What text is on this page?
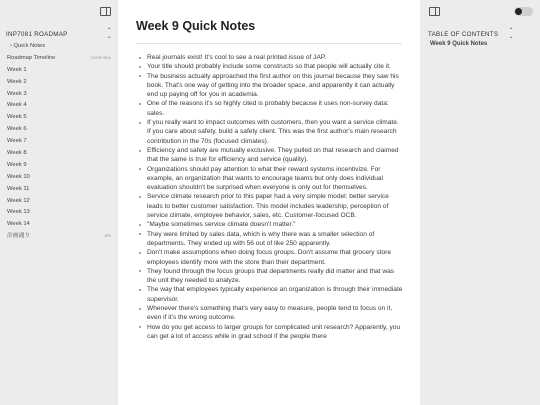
INP7081 ROADMAP	⌃
⌄
› Quick Notes
Roadmap Timeline	OVERVIEW
Week 1
Week 2
Week 3
Week 4
Week 5
Week 6
Week 7
Week 8
Week 9
Week 10
Week 11
Week 12
Week 13
Week 14
計画通り	JPN
Week 9 Quick Notes
Real journals exist! It's cool to see a real printed issue of JAP.
Your title should probably include some constructs so that people will actually cite it.
The business actually approached the first author on this journal because they saw his book. That's one way of getting into the broader space, and apparently it can actually end up paying off for you in academia.
One of the reasons it's so highly cited is probably because it uses non-survey data: sales.
If you really want to impact outcomes with customers, then you want a service climate. If you care about safety, build a safety client. This was the first author's main research contribution in the 70s (focused climates).
Efficiency and safety are mutually exclusive. They pulled on that research and claimed that the same is true for efficiency and service (quality).
Organizations should pay attention to what their reward systems incentivize. For example, an organization that wants to encourage teams but only does individual evaluation shouldn't be surprised when everyone is only out for themselves.
Service climate research prior to this paper had a very simple model: better service leads to better customer satisfaction. This model includes leadership, perception of service climate, employee behavior, sales, etc. Customer-focused OCB.
"Maybe sometimes service climate doesn't matter."
They were limited by sales data, which is why there was a smaller selection of departments. They ended up with 56 out of like 250 apparently.
Don't make assumptions when doing focus groups. Don't assume that grocery store employees identify more with the store than their department.
They found through the focus groups that departments really did matter and that was the unit they needed to analyze.
The way that employees typically experience an organization is through their immediate supervisor.
Whenever there's something that's very easy to measure, people tend to focus on it, even if it's the wrong outcome.
How do you get access to larger groups for complicated unit research? Apparently, you can get a lot of access while in grad school if the people there
TABLE OF CONTENTS ⌃
⌄
Week 9 Quick Notes
